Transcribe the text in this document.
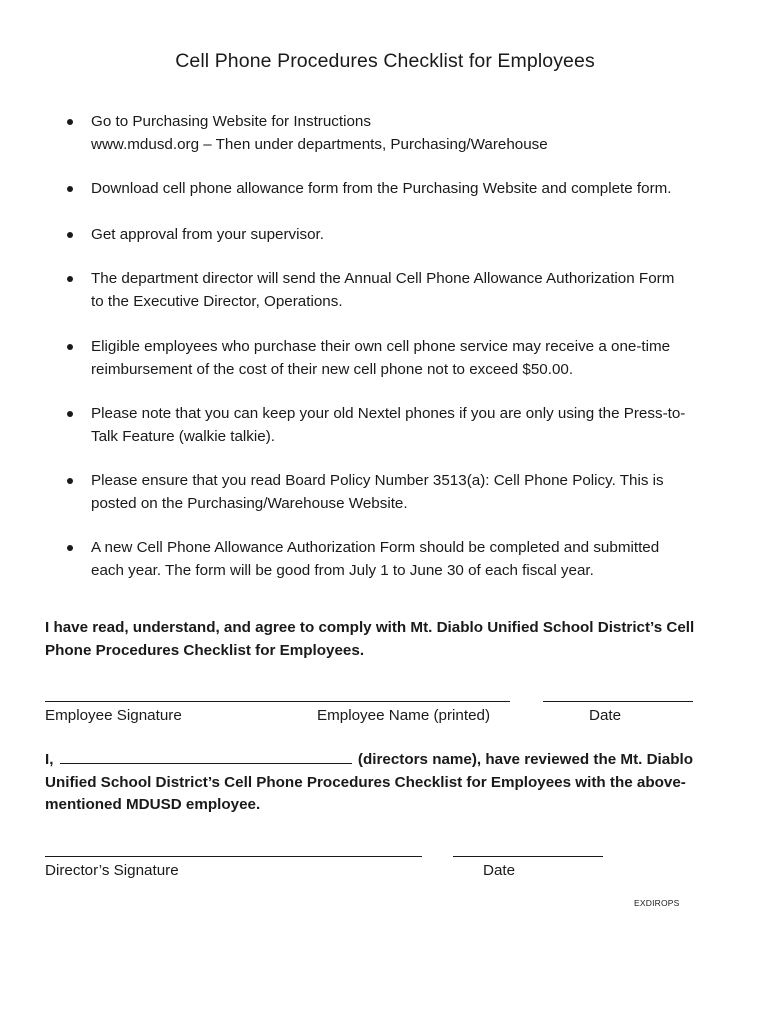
Cell Phone Procedures Checklist for Employees
Go to Purchasing Website for Instructions
www.mdusd.org – Then under departments, Purchasing/Warehouse
Download cell phone allowance form from the Purchasing Website and complete form.
Get approval from your supervisor.
The department director will send the Annual Cell Phone Allowance Authorization Form
to the Executive Director, Operations.
Eligible employees who purchase their own cell phone service may receive a one-time
reimbursement of the cost of their new cell phone not to exceed $50.00.
Please note that you can keep your old Nextel phones if you are only using the Press-to-
Talk Feature (walkie talkie).
Please ensure that you read Board Policy Number 3513(a): Cell Phone Policy. This is
posted on the Purchasing/Warehouse Website.
A new Cell Phone Allowance Authorization Form should be completed and submitted
each year. The form will be good from July 1 to June 30 of each fiscal year.
I have read, understand, and agree to comply with Mt. Diablo Unified School District’s Cell
Phone Procedures Checklist for Employees.
Employee Signature	Employee Name (printed)	Date
I,	(directors name), have reviewed the Mt. Diablo
Unified School District’s Cell Phone Procedures Checklist for Employees with the above-
mentioned MDUSD employee.
Director’s Signature	Date
EXDIROPS
